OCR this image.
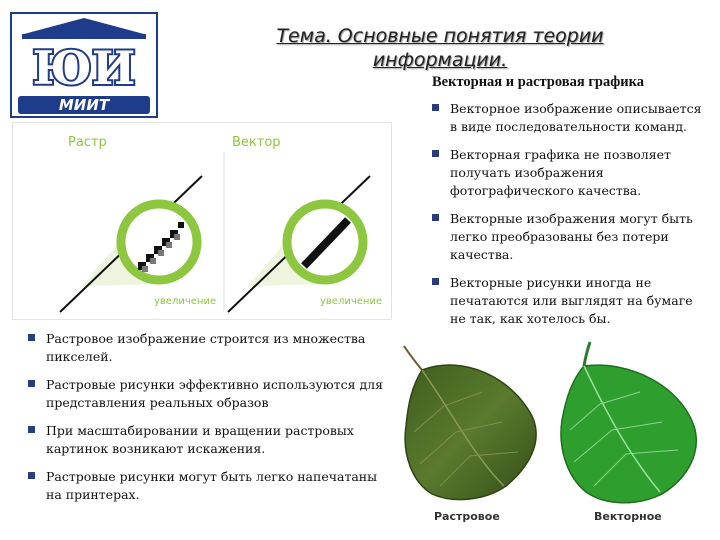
ЮИ
МИИТ
Тема. Основные понятия теории информации.
Векторная и растровая графика
Растр	Вектор
увеличение	увеличение
Векторное изображение описывается в виде последовательности команд.
Векторная графика не позволяет получать изображения фотографического качества.
Векторные изображения могут быть легко преобразованы без потери качества.
Векторные рисунки иногда не печатаются или выглядят на бумаге не так, как хотелось бы.
Растровое изображение строится из множества пикселей.
Растровые рисунки эффективно используются для представления реальных образов
При масштабировании и вращении растровых картинок возникают искажения.
Растровые рисунки могут быть легко напечатаны на принтерах.
Растровое	Векторное
